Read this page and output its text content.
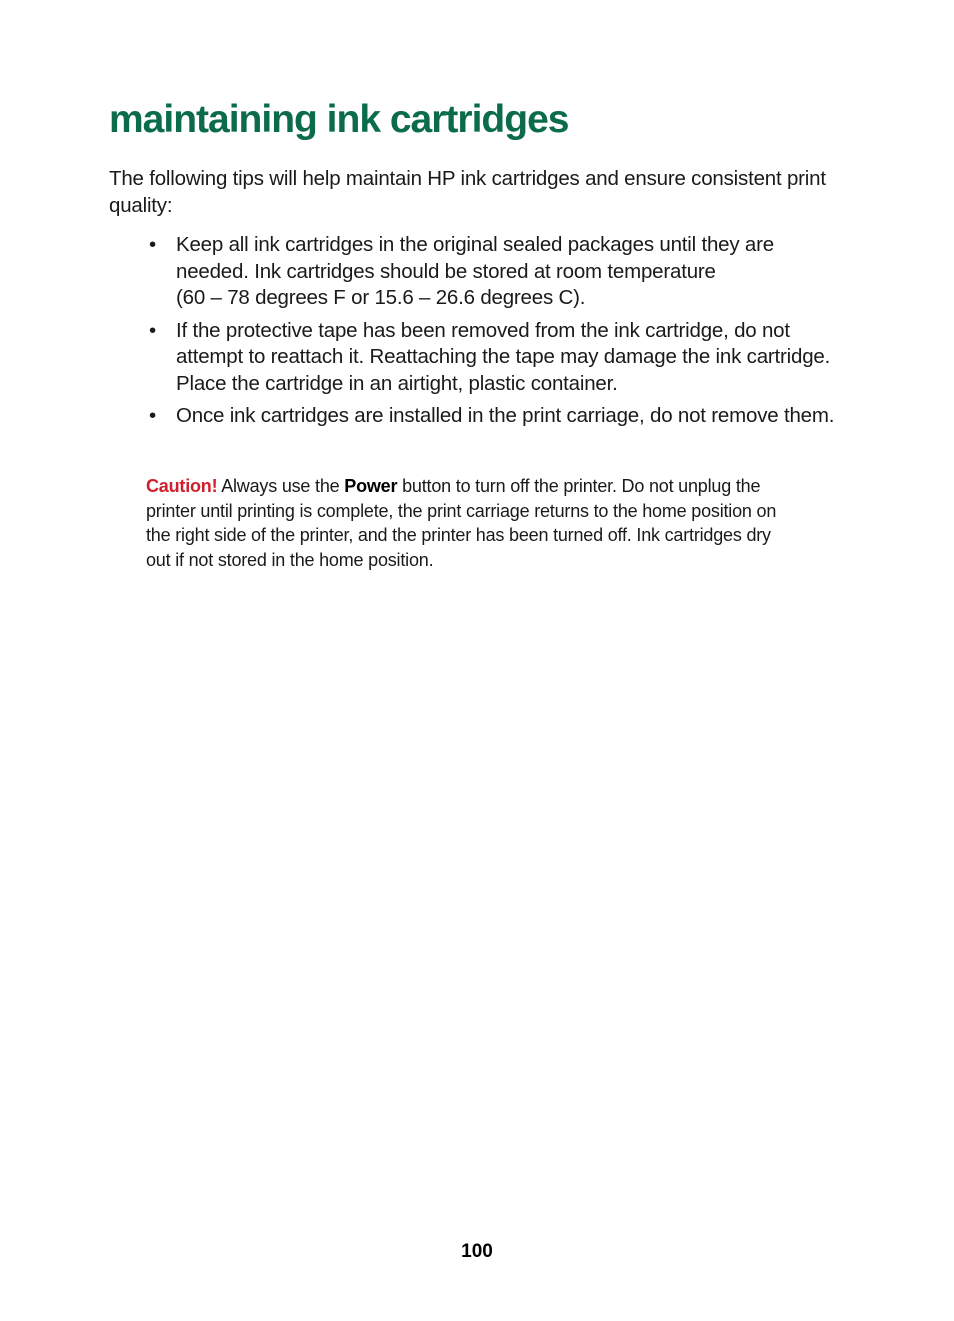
maintaining ink cartridges

The following tips will help maintain HP ink cartridges and ensure consistent print quality:

• Keep all ink cartridges in the original sealed packages until they are needed. Ink cartridges should be stored at room temperature
(60 – 78 degrees F or 15.6 – 26.6 degrees C).
• If the protective tape has been removed from the ink cartridge, do not attempt to reattach it. Reattaching the tape may damage the ink cartridge. Place the cartridge in an airtight, plastic container.
• Once ink cartridges are installed in the print carriage, do not remove them.

Caution! Always use the Power button to turn off the printer. Do not unplug the printer until printing is complete, the print carriage returns to the home position on the right side of the printer, and the printer has been turned off. Ink cartridges dry out if not stored in the home position.

100
